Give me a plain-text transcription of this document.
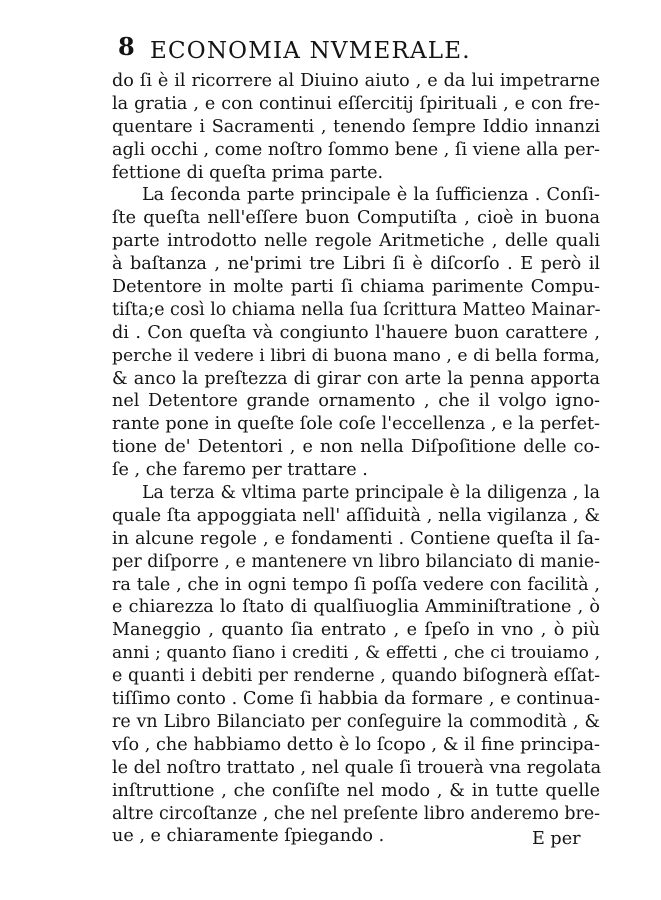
8 ECONOMIA NVMERALE.
do ſi è il ricorrere al Diuino aiuto , e da lui impetrarne
la gratia , e con continui eſſercitij ſpirituali , e con fre-
quentare i Sacramenti , tenendo ſempre Iddio innanzi
agli occhi , come noſtro ſommo bene , ſi viene alla per-
fettione di queſta prima parte.
La ſeconda parte principale è la ſufficienza . Conſi-
ſte queſta nell'eſſere buon Computiſta , cioè in buona
parte introdotto nelle regole Aritmetiche , delle quali
à baſtanza , ne'primi tre Libri ſi è diſcorſo . E però il
Detentore in molte parti ſi chiama parimente Compu-
tiſta;e così lo chiama nella ſua ſcrittura Matteo Mainar-
di . Con queſta và congiunto l'hauere buon carattere ,
perche il vedere i libri di buona mano , e di bella forma,
& anco la preſtezza di girar con arte la penna apporta
nel Detentore grande ornamento , che il volgo igno-
rante pone in queſte ſole coſe l'eccellenza , e la perfet-
tione de' Detentori , e non nella Diſpoſitione delle co-
ſe , che faremo per trattare .
La terza & vltima parte principale è la diligenza , la
quale ſta appoggiata nell' aſſiduità , nella vigilanza , &
in alcune regole , e fondamenti . Contiene queſta il ſa-
per diſporre , e mantenere vn libro bilanciato di manie-
ra tale , che in ogni tempo ſi poſſa vedere con facilità ,
e chiarezza lo ſtato di qualſiuoglia Amminiſtratione , ò
Maneggio , quanto ſia entrato , e ſpeſo in vno , ò più
anni ; quanto ſiano i crediti , & effetti , che ci trouiamo ,
e quanti i debiti per renderne , quando biſognerà eſſat-
tiſſimo conto . Come ſi habbia da formare , e continua-
re vn Libro Bilanciato per conſeguire la commodità , &
vſo , che habbiamo detto è lo ſcopo , & il fine principa-
le del noſtro trattato , nel quale ſi trouerà vna regolata
inſtruttione , che conſiſte nel modo , & in tutte quelle
altre circoſtanze , che nel preſente libro anderemo bre-
ue , e chiaramente ſpiegando .	E per
